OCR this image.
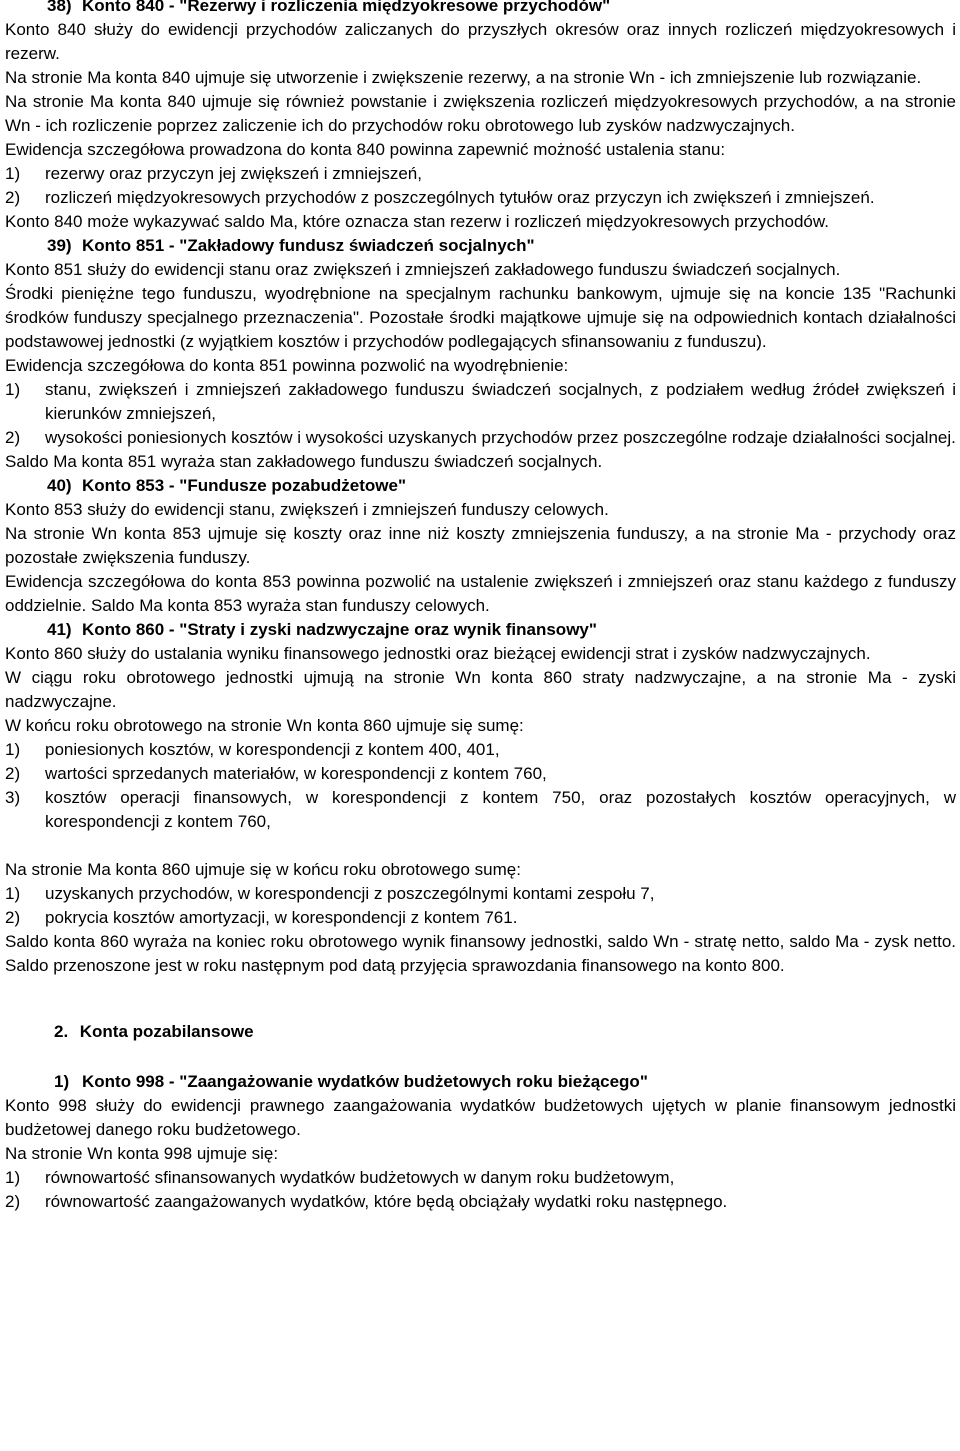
38) Konto 840 - "Rezerwy i rozliczenia międzyokresowe przychodów"
Konto 840 służy do ewidencji przychodów zaliczanych do przyszłych okresów oraz innych rozliczeń międzyokresowych i rezerw.
Na stronie Ma konta 840 ujmuje się utworzenie i zwiększenie rezerwy, a na stronie Wn - ich zmniejszenie lub rozwiązanie.
Na stronie Ma konta 840 ujmuje się również powstanie i zwiększenia rozliczeń międzyokresowych przychodów, a na stronie Wn - ich rozliczenie poprzez zaliczenie ich do przychodów roku obrotowego lub zysków nadzwyczajnych.
Ewidencja szczegółowa prowadzona do konta 840 powinna zapewnić możność ustalenia stanu:
1)	rezerwy oraz przyczyn jej zwiększeń i zmniejszeń,
2)	rozliczeń międzyokresowych przychodów z poszczególnych tytułów oraz przyczyn ich zwiększeń i zmniejszeń.
Konto 840 może wykazywać saldo Ma, które oznacza stan rezerw i rozliczeń międzyokresowych przychodów.
39) Konto 851 - "Zakładowy fundusz świadczeń socjalnych"
Konto 851 służy do ewidencji stanu oraz zwiększeń i zmniejszeń zakładowego funduszu świadczeń socjalnych.
Środki pieniężne tego funduszu, wyodrębnione na specjalnym rachunku bankowym, ujmuje się na koncie 135 "Rachunki środków funduszy specjalnego przeznaczenia". Pozostałe środki majątkowe ujmuje się na odpowiednich kontach działalności podstawowej jednostki (z wyjątkiem kosztów i przychodów podlegających sfinansowaniu z funduszu).
Ewidencja szczegółowa do konta 851 powinna pozwolić na wyodrębnienie:
1)	stanu, zwiększeń i zmniejszeń zakładowego funduszu świadczeń socjalnych, z podziałem według źródeł zwiększeń i kierunków zmniejszeń,
2)	wysokości poniesionych kosztów i wysokości uzyskanych przychodów przez poszczególne rodzaje działalności socjalnej.
Saldo Ma konta 851 wyraża stan zakładowego funduszu świadczeń socjalnych.
40) Konto 853 - "Fundusze pozabudżetowe"
Konto 853 służy do ewidencji stanu, zwiększeń i zmniejszeń funduszy celowych.
Na stronie Wn konta 853 ujmuje się koszty oraz inne niż koszty zmniejszenia funduszy, a na stronie Ma - przychody oraz pozostałe zwiększenia funduszy.
Ewidencja szczegółowa do konta 853 powinna pozwolić na ustalenie zwiększeń i zmniejszeń oraz stanu każdego z funduszy oddzielnie. Saldo Ma konta 853 wyraża stan funduszy celowych.
41) Konto 860 - "Straty i zyski nadzwyczajne oraz wynik finansowy"
Konto 860 służy do ustalania wyniku finansowego jednostki oraz bieżącej ewidencji strat i zysków nadzwyczajnych.
W ciągu roku obrotowego jednostki ujmują na stronie Wn konta 860 straty nadzwyczajne, a na stronie Ma - zyski nadzwyczajne.
W końcu roku obrotowego na stronie Wn konta 860 ujmuje się sumę:
1)	poniesionych kosztów, w korespondencji z kontem 400, 401,
2)	wartości sprzedanych materiałów, w korespondencji z kontem 760,
3)	kosztów operacji finansowych, w korespondencji z kontem 750, oraz pozostałych kosztów operacyjnych, w korespondencji z kontem 760,
Na stronie Ma konta 860 ujmuje się w końcu roku obrotowego sumę:
1)	uzyskanych przychodów, w korespondencji z poszczególnymi kontami zespołu 7,
2)	pokrycia kosztów amortyzacji, w korespondencji z kontem 761.
Saldo konta 860 wyraża na koniec roku obrotowego wynik finansowy jednostki, saldo Wn - stratę netto, saldo Ma - zysk netto. Saldo przenoszone jest w roku następnym pod datą przyjęcia sprawozdania finansowego na konto 800.
2. Konta pozabilansowe
1) Konto 998 - "Zaangażowanie wydatków budżetowych roku bieżącego"
Konto 998 służy do ewidencji prawnego zaangażowania wydatków budżetowych ujętych w planie finansowym jednostki budżetowej danego roku budżetowego.
Na stronie Wn konta 998 ujmuje się:
1)	równowartość sfinansowanych wydatków budżetowych w danym roku budżetowym,
2)	równowartość zaangażowanych wydatków, które będą obciążały wydatki roku następnego.
